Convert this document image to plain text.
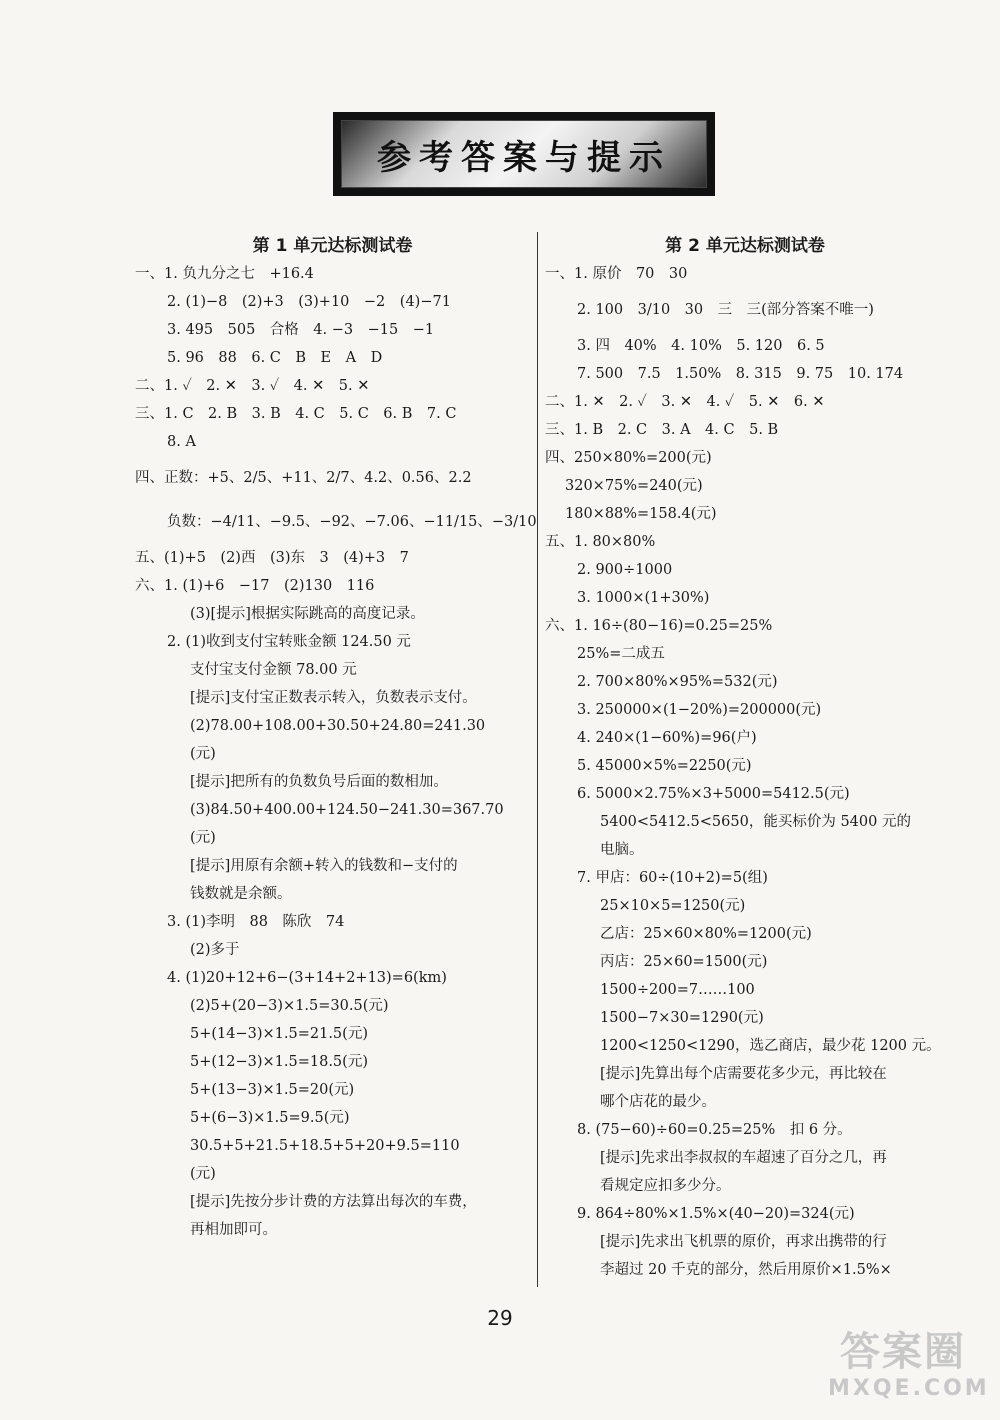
参考答案与提示
第 1 单元达标测试卷
一、1. 负九分之七　+16.4
2. (1)−8　(2)+3　(3)+10　−2　(4)−71
3. 495　505　合格　4. −3　−15　−1
5. 96　88　6. C　B　E　A　D
二、1. ✓　2. ✕　3. ✓　4. ✕　5. ✕
三、1. C　2. B　3. B　4. C　5. C　6. B　7. C
8. A
四、正数：+5、2/5、+11、2/7、4.2、0.56、2.2
负数：−4/11、−9.5、−92、−7.06、−11/15、−3/10
五、(1)+5　(2)西　(3)东　3　(4)+3　7
六、1. (1)+6　−17　(2)130　116
(3)[提示]根据实际跳高的高度记录。
2. (1)收到支付宝转账金额 124.50 元
支付宝支付金额 78.00 元
[提示]支付宝正数表示转入，负数表示支付。
(2)78.00+108.00+30.50+24.80=241.30
(元)
[提示]把所有的负数负号后面的数相加。
(3)84.50+400.00+124.50−241.30=367.70
(元)
[提示]用原有余额+转入的钱数和−支付的
钱数就是余额。
3. (1)李明　88　陈欣　74
(2)多于
4. (1)20+12+6−(3+14+2+13)=6(km)
(2)5+(20−3)×1.5=30.5(元)
5+(14−3)×1.5=21.5(元)
5+(12−3)×1.5=18.5(元)
5+(13−3)×1.5=20(元)
5+(6−3)×1.5=9.5(元)
30.5+5+21.5+18.5+5+20+9.5=110
(元)
[提示]先按分步计费的方法算出每次的车费，
再相加即可。
第 2 单元达标测试卷
一、1. 原价　70　30
2. 100　3/10　30　三　三(部分答案不唯一)
3. 四　40%　4. 10%　5. 120　6. 5
7. 500　7.5　1.50%　8. 315　9. 75　10. 174
二、1. ✕　2. ✓　3. ✕　4. ✓　5. ✕　6. ✕
三、1. B　2. C　3. A　4. C　5. B
四、250×80%=200(元)
320×75%=240(元)
180×88%=158.4(元)
五、1. 80×80%
2. 900÷1000
3. 1000×(1+30%)
六、1. 16÷(80−16)=0.25=25%
25%=二成五
2. 700×80%×95%=532(元)
3. 250000×(1−20%)=200000(元)
4. 240×(1−60%)=96(户)
5. 45000×5%=2250(元)
6. 5000×2.75%×3+5000=5412.5(元)
5400<5412.5<5650，能买标价为 5400 元的
电脑。
7. 甲店：60÷(10+2)=5(组)
25×10×5=1250(元)
乙店：25×60×80%=1200(元)
丙店：25×60=1500(元)
1500÷200=7……100
1500−7×30=1290(元)
1200<1250<1290，选乙商店，最少花 1200 元。
[提示]先算出每个店需要花多少元，再比较在
哪个店花的最少。
8. (75−60)÷60=0.25=25%　扣 6 分。
[提示]先求出李叔叔的车超速了百分之几，再
看规定应扣多少分。
9. 864÷80%×1.5%×(40−20)=324(元)
[提示]先求出飞机票的原价，再求出携带的行
李超过 20 千克的部分，然后用原价×1.5%×
29
答案圈
MXQE.COM
